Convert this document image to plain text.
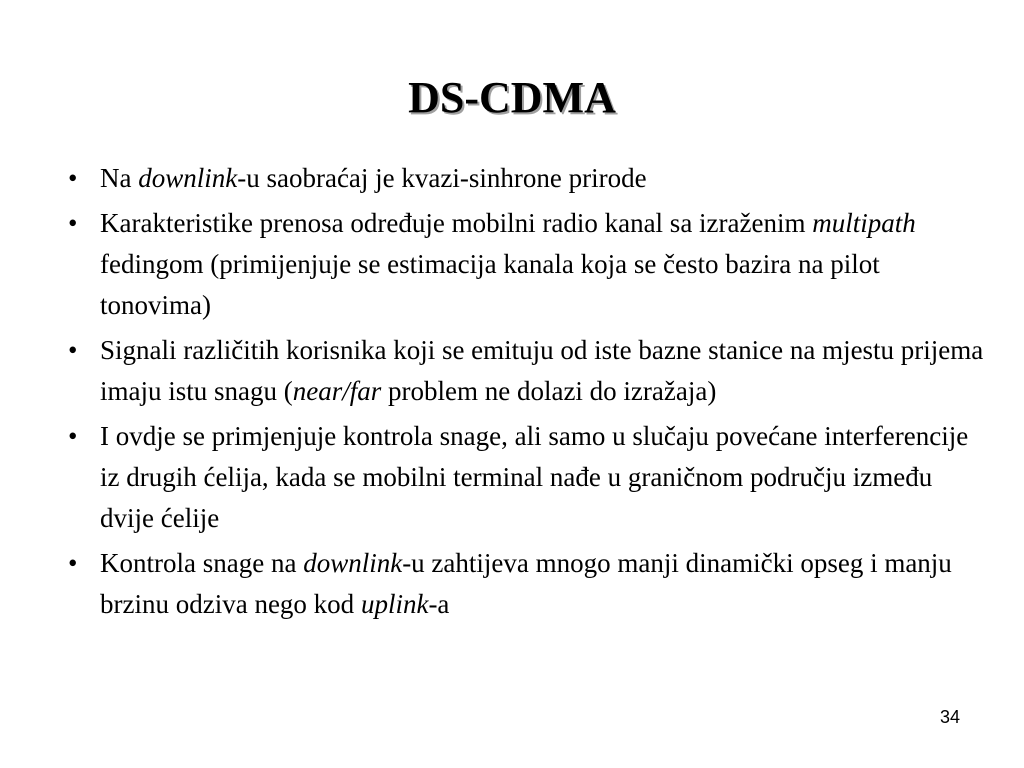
DS-CDMA
• Na downlink-u saobraćaj je kvazi-sinhrone prirode
• Karakteristike prenosa određuje mobilni radio kanal sa izraženim multipath fedingom (primijenjuje se estimacija kanala koja se često bazira na pilot tonovima)
• Signali različitih korisnika koji se emituju od iste bazne stanice na mjestu prijema imaju istu snagu (near/far problem ne dolazi do izražaja)
• I ovdje se primjenjuje kontrola snage, ali samo u slučaju povećane interferencije iz drugih ćelija, kada se mobilni terminal nađe u graničnom području između dvije ćelije
• Kontrola snage na downlink-u zahtijeva mnogo manji dinamički opseg i manju brzinu odziva nego kod uplink-a
34
